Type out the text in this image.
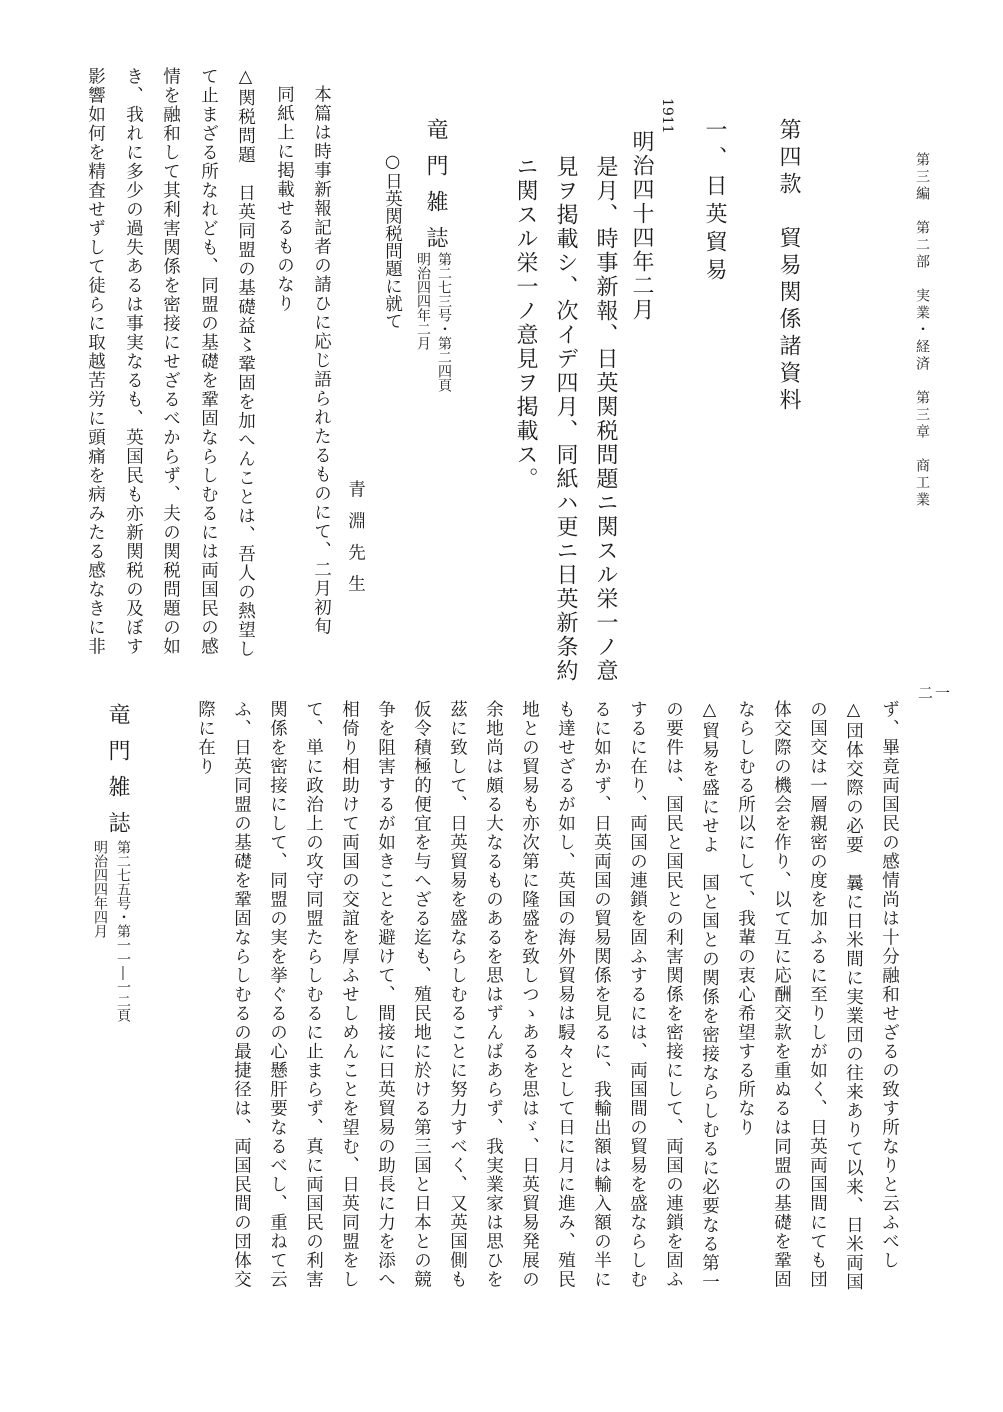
第三編　第二部　実業・経済　第三章　商工業
二一
第四款　貿易関係諸資料
一、日英貿易
1911
明治四十四年二月
是月、時事新報、日英関税問題ニ関スル栄一ノ意
見ヲ掲載シ、次イデ四月、同紙ハ更ニ日英新条約
ニ関スル栄一ノ意見ヲ掲載ス。
竜門雑誌
第二七三号・第二四頁
明治四四年二月
○日英関税問題に就て
青淵先生
本篇は時事新報記者の請ひに応じ語られたるものにて、二月初旬
同紙上に掲載せるものなり
△関税問題　日英同盟の基礎益〻鞏固を加へんことは、吾人の熱望し
て止まざる所なれども、同盟の基礎を鞏固ならしむるには両国民の感
情を融和して其利害関係を密接にせざるべからず、夫の関税問題の如
き、我れに多少の過失あるは事実なるも、英国民も亦新関税の及ぼす
影響如何を精査せずして徒らに取越苦労に頭痛を病みたる感なきに非
ず、畢竟両国民の感情尚は十分融和せざるの致す所なりと云ふべし
△団体交際の必要　曩に日米間に実業団の往来ありて以来、日米両国
の国交は一層親密の度を加ふるに至りしが如く、日英両国間にても団
体交際の機会を作り、以て互に応酬交款を重ぬるは同盟の基礎を鞏固
ならしむる所以にして、我輩の衷心希望する所なり
△貿易を盛にせよ　国と国との関係を密接ならしむるに必要なる第一
の要件は、国民と国民との利害関係を密接にして、両国の連鎖を固ふ
するに在り、両国の連鎖を固ふするには、両国間の貿易を盛ならしむ
るに如かず、日英両国の貿易関係を見るに、我輸出額は輸入額の半に
も達せざるが如し、英国の海外貿易は駸々として日に月に進み、殖民
地との貿易も亦次第に隆盛を致しつゝあるを思はゞ、日英貿易発展の
余地尚は頗る大なるものあるを思はずんばあらず、我実業家は思ひを
茲に致して、日英貿易を盛ならしむることに努力すべく、又英国側も
仮令積極的便宜を与へざる迄も、殖民地に於ける第三国と日本との競
争を阻害するが如きことを避けて、間接に日英貿易の助長に力を添へ
相倚り相助けて両国の交誼を厚ふせしめんことを望む、日英同盟をし
て、単に政治上の攻守同盟たらしむるに止まらず、真に両国民の利害
関係を密接にして、同盟の実を挙ぐるの心懸肝要なるべし、重ねて云
ふ、日英同盟の基礎を鞏固ならしむるの最捷径は、両国民間の団体交
際に在り
竜門雑誌
第二七五号・第一一―一二頁
明治四四年四月
